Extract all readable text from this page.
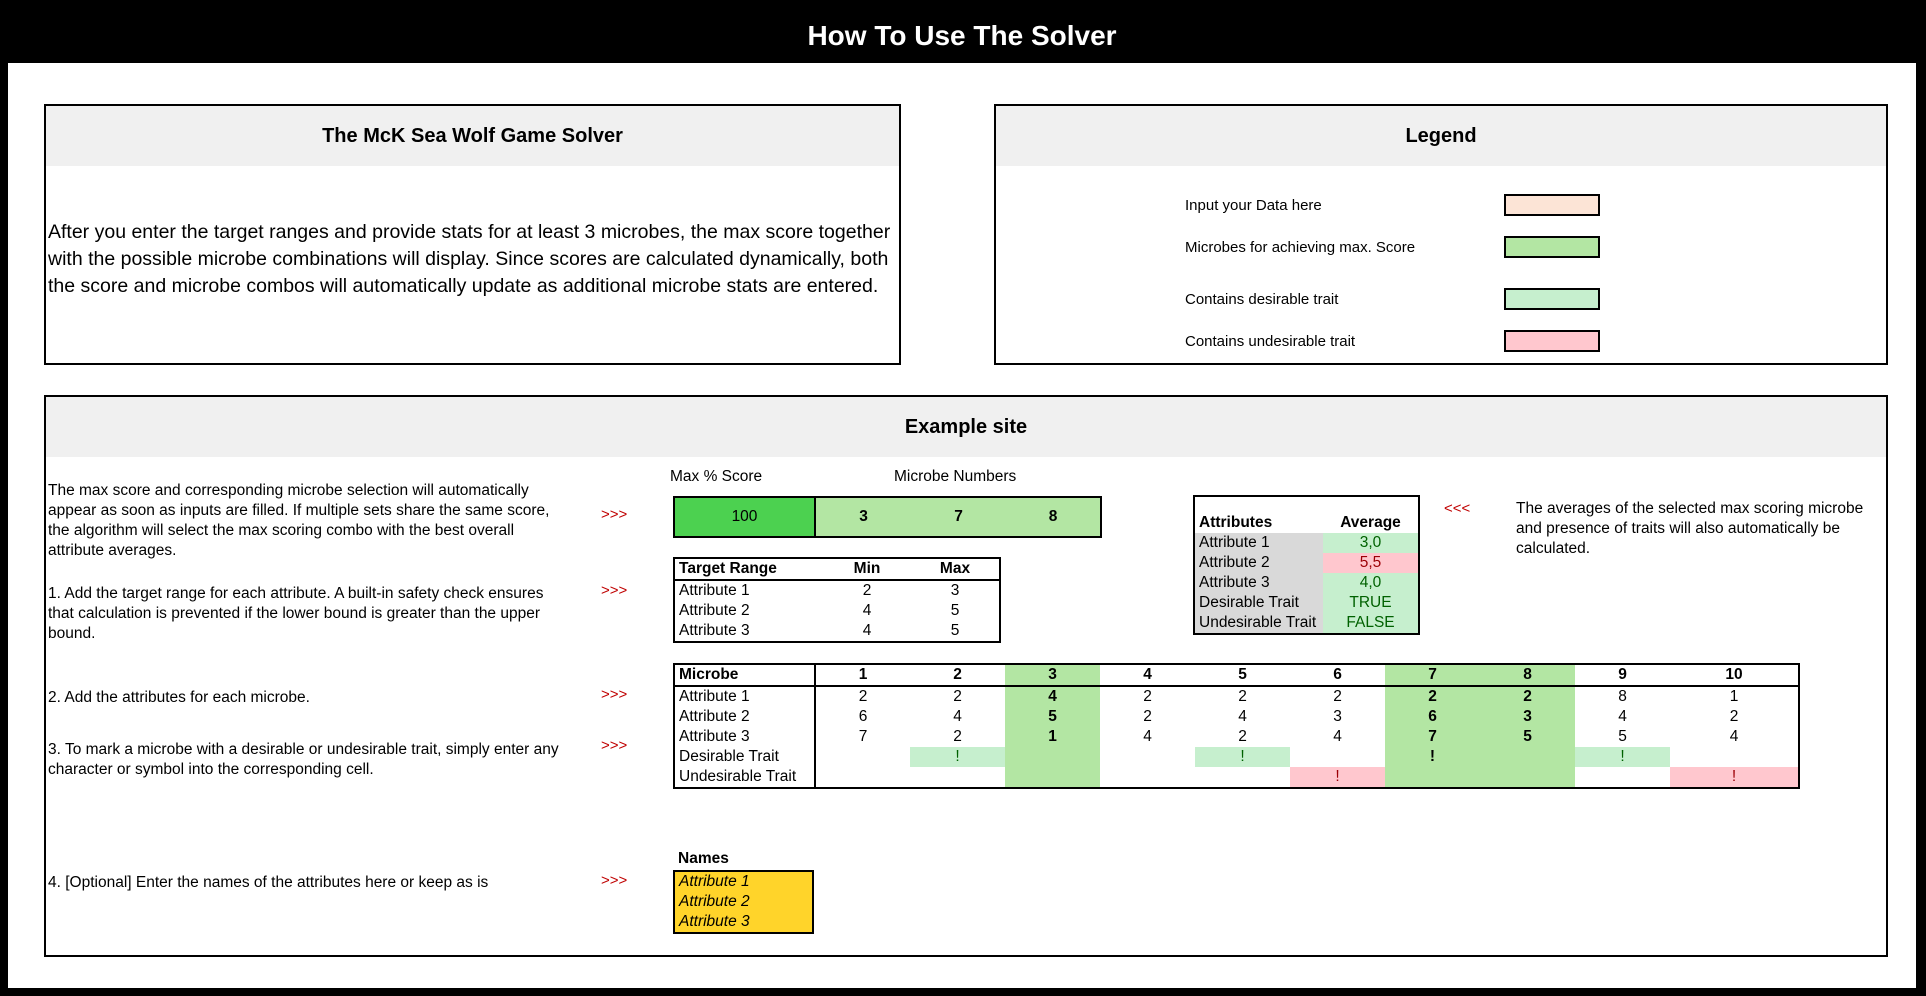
How To Use The Solver
The McK Sea Wolf Game Solver
After you enter the target ranges and provide stats for at least 3 microbes, the max score together with the possible microbe combinations will display. Since scores are calculated dynamically, both the score and microbe combos will automatically update as additional microbe stats are entered.
Legend
Input your Data here
Microbes for achieving max. Score
Contains desirable trait
Contains undesirable trait
Example site
The max score and corresponding microbe selection will automatically appear as soon as inputs are filled. If multiple sets share the same score, the algorithm will select the max scoring combo with the best overall attribute averages.
1. Add the target range for each attribute. A built-in safety check ensures that calculation is prevented if the lower bound is greater than the upper bound.
2. Add the attributes for each microbe.
3. To mark a microbe with a desirable or undesirable trait, simply enter any character or symbol into the corresponding cell.
4. [Optional] Enter the names of the attributes here or keep as is
>>>
>>>
>>>
>>>
>>>
<<<
Max % Score	Microbe Numbers
100	3	7	8
Target Range	Min	Max
Attribute 1	2	3
Attribute 2	4	5
Attribute 3	4	5
Attributes	Average
Attribute 1	3,0
Attribute 2	5,5
Attribute 3	4,0
Desirable Trait	TRUE
Undesirable Trait	FALSE
The averages of the selected max scoring microbe and presence of traits will also automatically be calculated.
Microbe	1	2	3	4	5	6	7	8	9	10
Attribute 1	2	2	4	2	2	2	2	2	8	1
Attribute 2	6	4	5	2	4	3	6	3	4	2
Attribute 3	7	2	1	4	2	4	7	5	5	4
Desirable Trait		!			!		!		!	
Undesirable Trait						!				!
Names
Attribute 1
Attribute 2
Attribute 3
